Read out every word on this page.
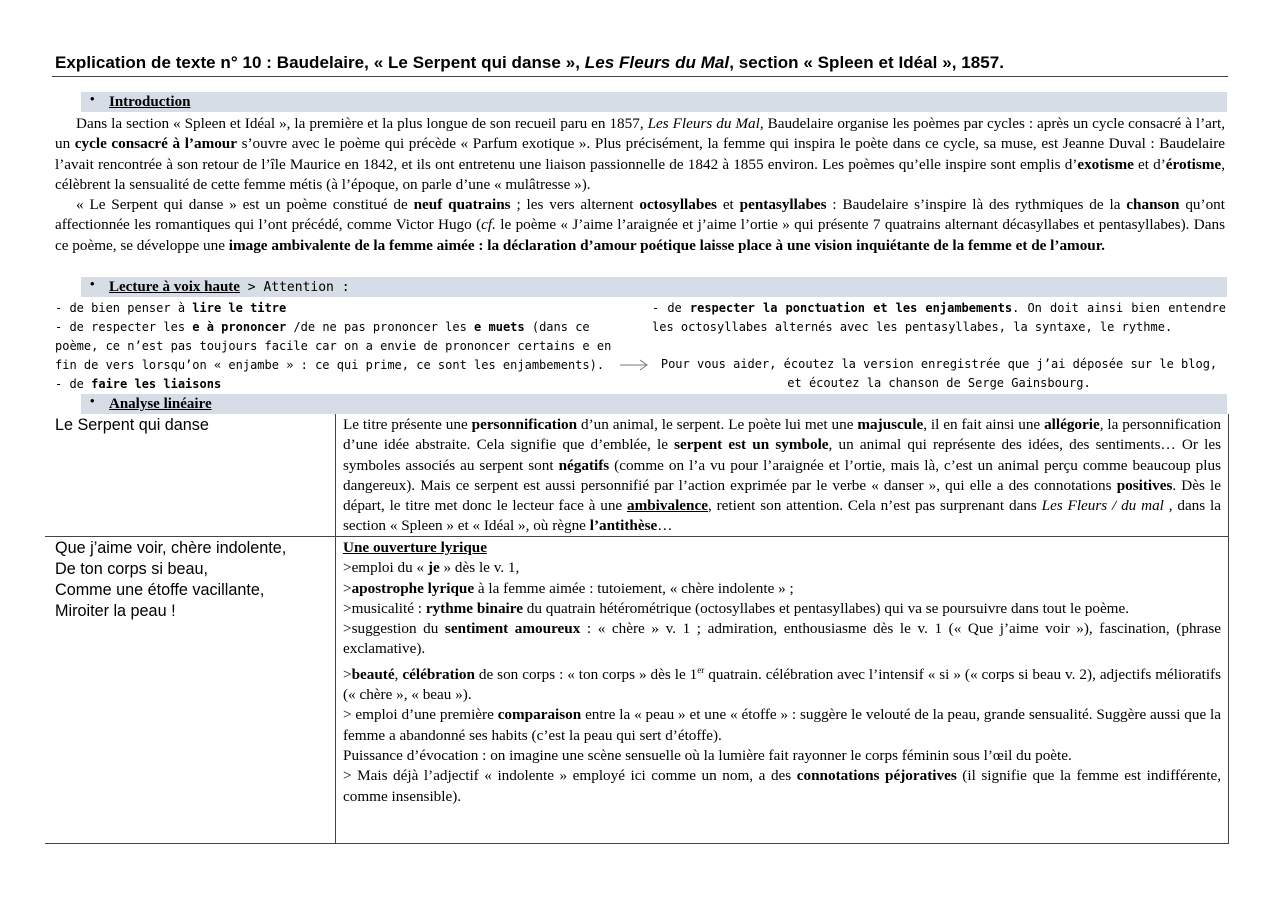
Explication de texte n° 10 : Baudelaire, « Le Serpent qui danse », Les Fleurs du Mal, section « Spleen et Idéal », 1857.
• Introduction

Dans la section « Spleen et Idéal », la première et la plus longue de son recueil paru en 1857, Les Fleurs du Mal, Baudelaire organise les poèmes par cycles : après un cycle consacré à l’art, un cycle consacré à l’amour s’ouvre avec le poème qui précède « Parfum exotique ». Plus précisément, la femme qui inspira le poète dans ce cycle, sa muse, est Jeanne Duval : Baudelaire l’avait rencontrée à son retour de l’île Maurice en 1842, et ils ont entretenu une liaison passionnelle de 1842 à 1855 environ. Les poèmes qu’elle inspire sont emplis d’exotisme et d’érotisme, célèbrent la sensualité de cette femme métis (à l’époque, on parle d’une « mulâtresse »).

« Le Serpent qui danse » est un poème constitué de neuf quatrains ; les vers alternent octosyllabes et pentasyllabes : Baudelaire s’inspire là des rythmiques de la chanson qu’ont affectionnée les romantiques qui l’ont précédé, comme Victor Hugo (cf. le poème « J’aime l’araignée et j’aime l’ortie » qui présente 7 quatrains alternant décasyllabes et pentasyllabes). Dans ce poème, se développe une image ambivalente de la femme aimée : la déclaration d’amour poétique laisse place à une vision inquiétante de la femme et de l’amour.

• Lecture à voix haute > Attention :
- de bien penser à lire le titre
- de respecter les e à prononcer /de ne pas prononcer les e muets (dans ce poème, ce n’est pas toujours facile car on a envie de prononcer certains e en fin de vers lorsqu’on « enjambe » : ce qui prime, ce sont les enjambements).
- de faire les liaisons
- de respecter la ponctuation et les enjambements. On doit ainsi bien entendre les octosyllabes alternés avec les pentasyllabes, la syntaxe, le rythme.
Pour vous aider, écoutez la version enregistrée que j’ai déposée sur le blog, et écoutez la chanson de Serge Gainsbourg.
• Analyse linéaire
Le Serpent qui danse	Le titre présente une personnification d’un animal, le serpent. Le poète lui met une majuscule, il en fait ainsi une allégorie, la personnification d’une idée abstraite. Cela signifie que d’emblée, le serpent est un symbole, un animal qui représente des idées, des sentiments… Or les symboles associés au serpent sont négatifs (comme on l’a vu pour l’araignée et l’ortie, mais là, c’est un animal perçu comme beaucoup plus dangereux). Mais ce serpent est aussi personnifié par l’action exprimée par le verbe « danser », qui elle a des connotations positives. Dès le départ, le titre met donc le lecteur face à une ambivalence, retient son attention. Cela n’est pas surprenant dans Les Fleurs / du mal , dans la section « Spleen » et « Idéal », où règne l’antithèse…

Que j’aime voir, chère indolente,
De ton corps si beau,
Comme une étoffe vacillante,
Miroiter la peau !

Une ouverture lyrique

>emploi du « je » dès le v. 1,

>apostrophe lyrique à la femme aimée : tutoiement, « chère indolente » ;

>musicalité : rythme binaire du quatrain hétérométrique (octosyllabes et pentasyllabes) qui va se poursuivre dans tout le poème.

>suggestion du sentiment amoureux : « chère » v. 1 ; admiration, enthousiasme dès le v. 1 (« Que j’aime voir »), fascination, (phrase exclamative).

>beauté, célébration de son corps : « ton corps » dès le 1er quatrain. célébration avec l’intensif « si » (« corps si beau v. 2), adjectifs mélioratifs (« chère », « beau »).

> emploi d’une première comparaison entre la « peau » et une « étoffe » : suggère le velouté de la peau, grande sensualité. Suggère aussi que la femme a abandonné ses habits (c’est la peau qui sert d’étoffe).

Puissance d’évocation : on imagine une scène sensuelle où la lumière fait rayonner le corps féminin sous l’œil du poète.

> Mais déjà l’adjectif « indolente » employé ici comme un nom, a des connotations péjoratives (il signifie que la femme est indifférente, comme insensible).
